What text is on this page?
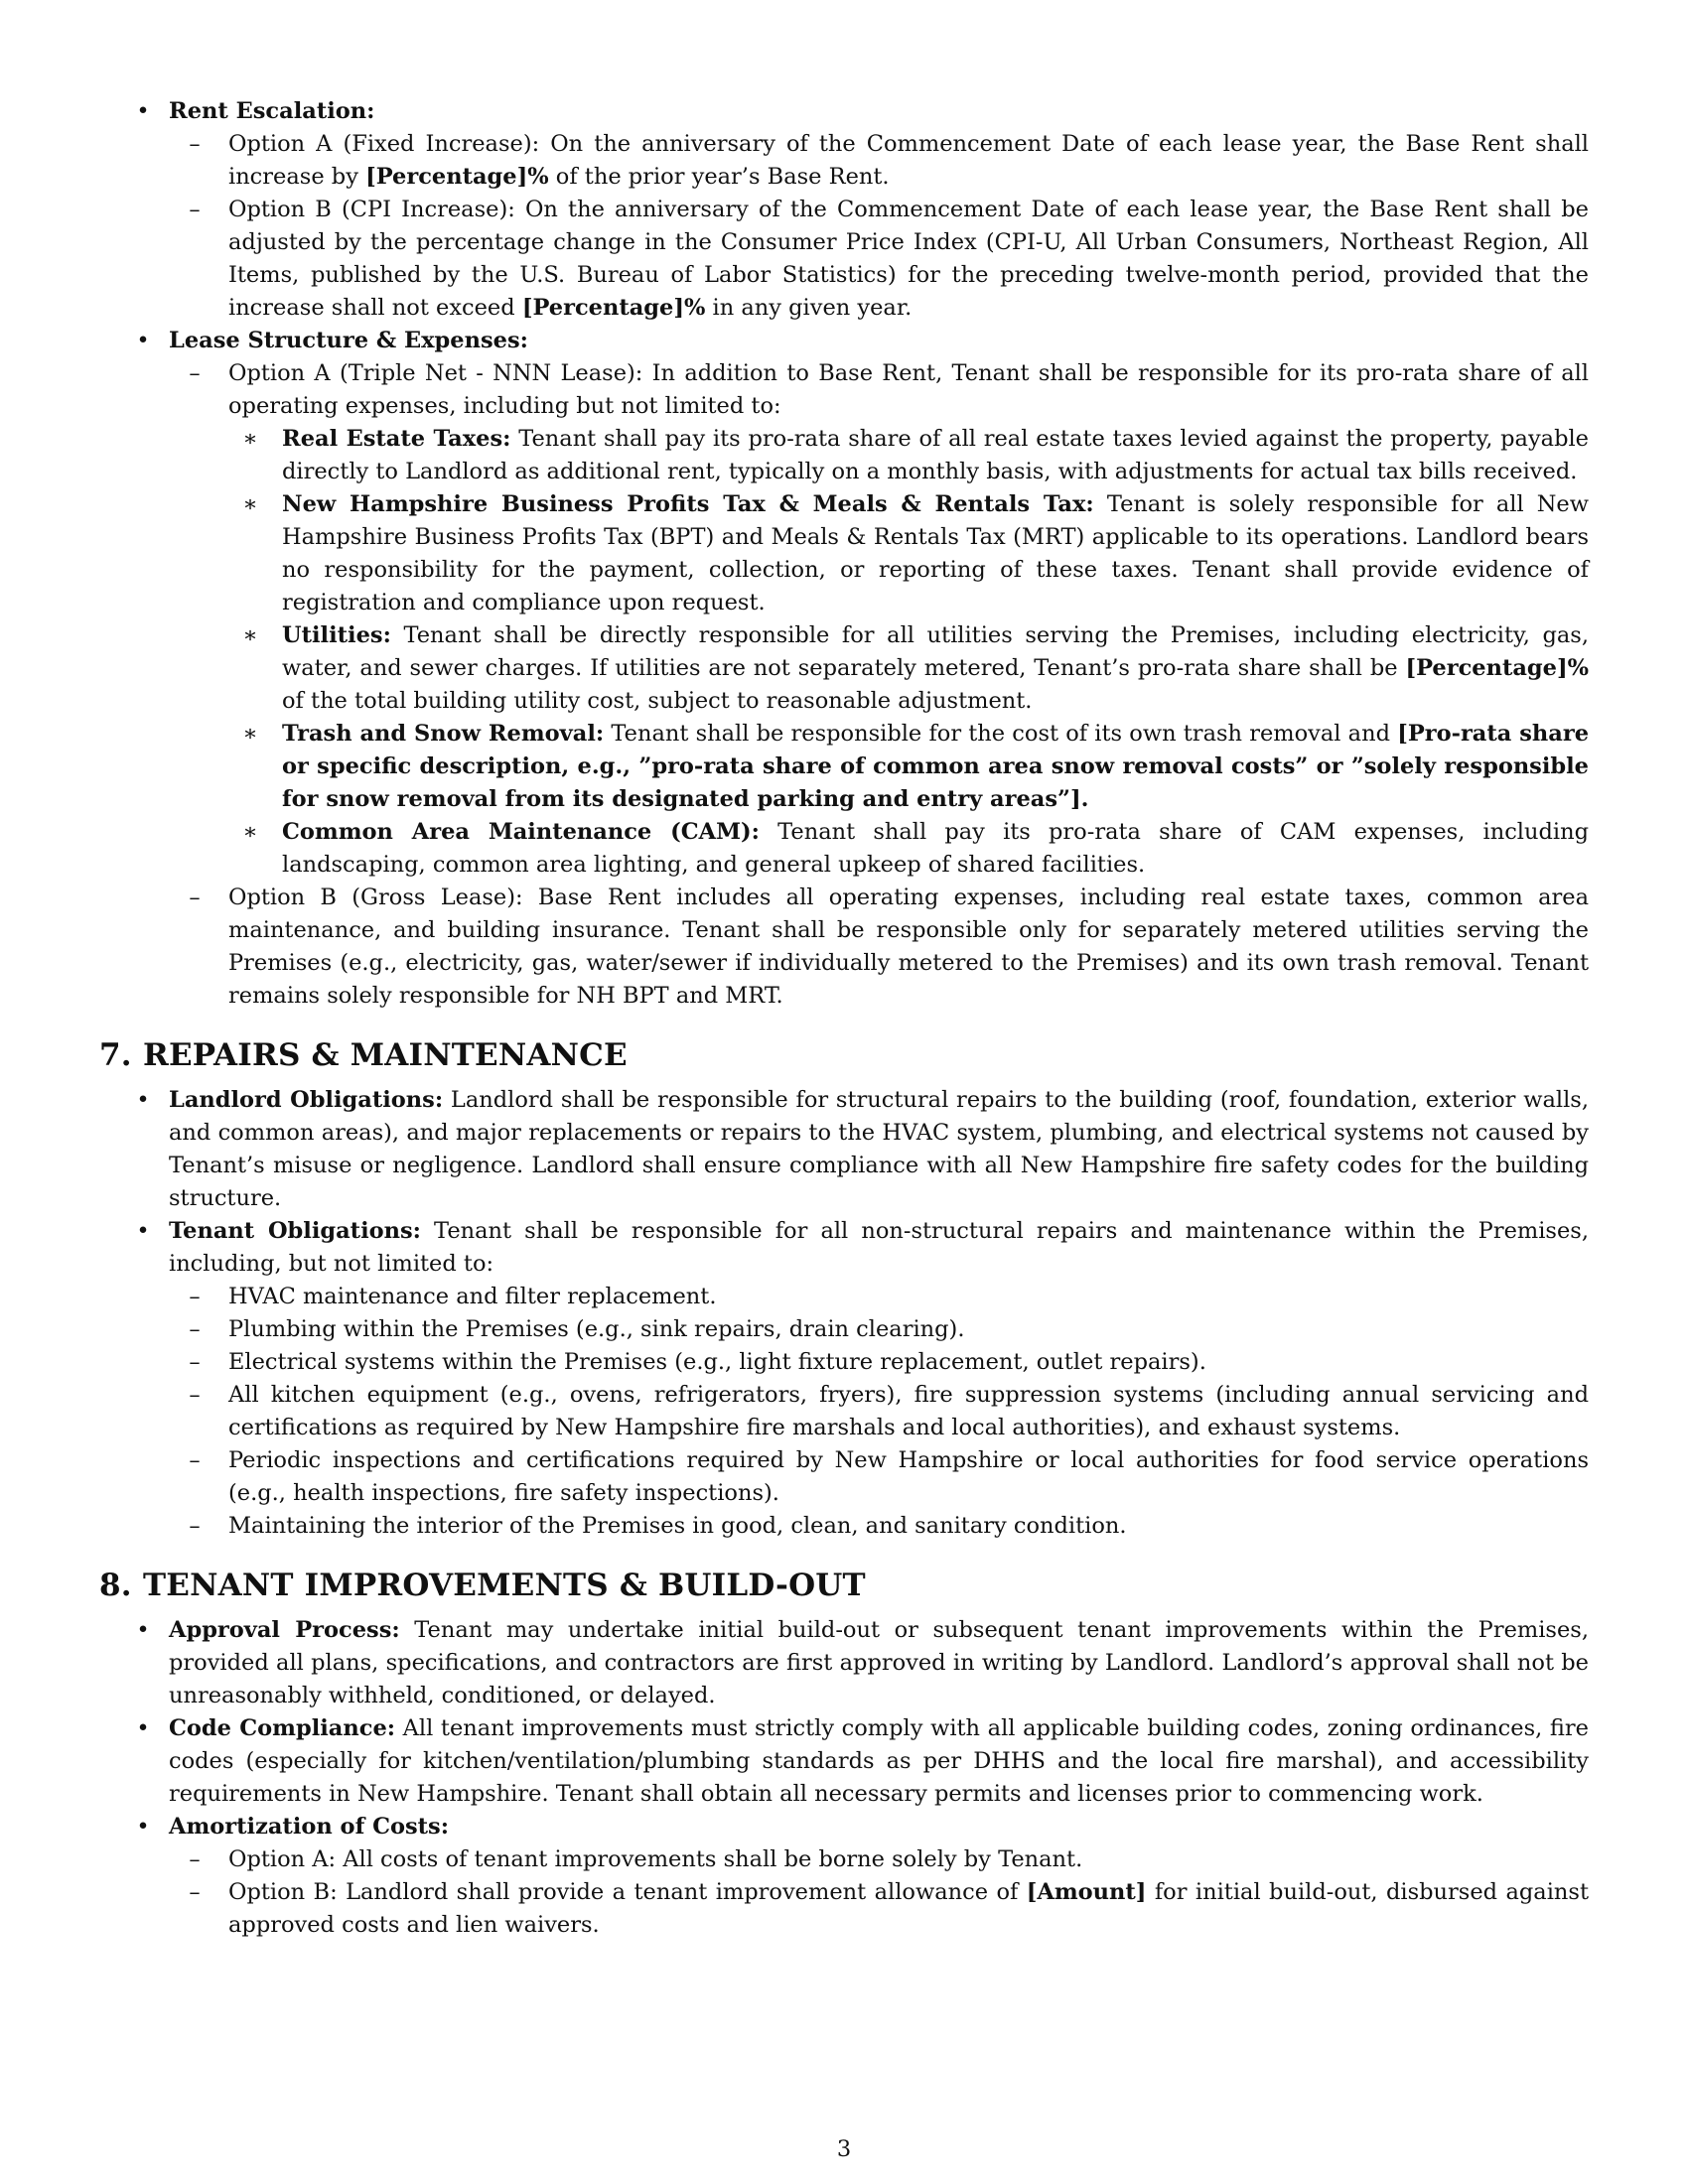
• Rent Escalation:
–	Option A (Fixed Increase): On the anniversary of the Commencement Date of each lease year, the Base Rent shall increase by [Percentage]% of the prior year’s Base Rent.
–	Option B (CPI Increase): On the anniversary of the Commencement Date of each lease year, the Base Rent shall be adjusted by the percentage change in the Consumer Price Index (CPI-U, All Urban Consumers, Northeast Region, All Items, published by the U.S. Bureau of Labor Statistics) for the preceding twelve-month period, provided that the increase shall not exceed [Percentage]% in any given year.
• Lease Structure & Expenses:
–	Option A (Triple Net - NNN Lease): In addition to Base Rent, Tenant shall be responsible for its pro-rata share of all operating expenses, including but not limited to:
∗	Real Estate Taxes: Tenant shall pay its pro-rata share of all real estate taxes levied against the property, payable directly to Landlord as additional rent, typically on a monthly basis, with adjustments for actual tax bills received.
∗	New Hampshire Business Profits Tax & Meals & Rentals Tax: Tenant is solely responsible for all New Hampshire Business Profits Tax (BPT) and Meals & Rentals Tax (MRT) applicable to its operations. Landlord bears no responsibility for the payment, collection, or reporting of these taxes. Tenant shall provide evidence of registration and compliance upon request.
∗	Utilities: Tenant shall be directly responsible for all utilities serving the Premises, including electricity, gas, water, and sewer charges. If utilities are not separately metered, Tenant’s pro-rata share shall be [Percentage]% of the total building utility cost, subject to reasonable adjustment.
∗	Trash and Snow Removal: Tenant shall be responsible for the cost of its own trash removal and [Pro-rata share or specific description, e.g., ”pro-rata share of common area snow removal costs” or ”solely responsible for snow removal from its designated parking and entry areas”].
∗	Common Area Maintenance (CAM): Tenant shall pay its pro-rata share of CAM expenses, including landscaping, common area lighting, and general upkeep of shared facilities.
–	Option B (Gross Lease): Base Rent includes all operating expenses, including real estate taxes, common area maintenance, and building insurance. Tenant shall be responsible only for separately metered utilities serving the Premises (e.g., electricity, gas, water/sewer if individually metered to the Premises) and its own trash removal. Tenant remains solely responsible for NH BPT and MRT.
7. REPAIRS & MAINTENANCE
• Landlord Obligations: Landlord shall be responsible for structural repairs to the building (roof, foundation, exterior walls, and common areas), and major replacements or repairs to the HVAC system, plumbing, and electrical systems not caused by Tenant’s misuse or negligence. Landlord shall ensure compliance with all New Hampshire fire safety codes for the building structure.
• Tenant Obligations: Tenant shall be responsible for all non-structural repairs and maintenance within the Premises, including, but not limited to:
–	HVAC maintenance and filter replacement.
–	Plumbing within the Premises (e.g., sink repairs, drain clearing).
–	Electrical systems within the Premises (e.g., light fixture replacement, outlet repairs).
–	All kitchen equipment (e.g., ovens, refrigerators, fryers), fire suppression systems (including annual servicing and certifications as required by New Hampshire fire marshals and local authorities), and exhaust systems.
–	Periodic inspections and certifications required by New Hampshire or local authorities for food service operations (e.g., health inspections, fire safety inspections).
–	Maintaining the interior of the Premises in good, clean, and sanitary condition.
8. TENANT IMPROVEMENTS & BUILD-OUT
• Approval Process: Tenant may undertake initial build-out or subsequent tenant improvements within the Premises, provided all plans, specifications, and contractors are first approved in writing by Landlord. Landlord’s approval shall not be unreasonably withheld, conditioned, or delayed.
• Code Compliance: All tenant improvements must strictly comply with all applicable building codes, zoning ordinances, fire codes (especially for kitchen/ventilation/plumbing standards as per DHHS and the local fire marshal), and accessibility requirements in New Hampshire. Tenant shall obtain all necessary permits and licenses prior to commencing work.
• Amortization of Costs:
–	Option A: All costs of tenant improvements shall be borne solely by Tenant.
–	Option B: Landlord shall provide a tenant improvement allowance of [Amount] for initial build-out, disbursed against approved costs and lien waivers.
3
